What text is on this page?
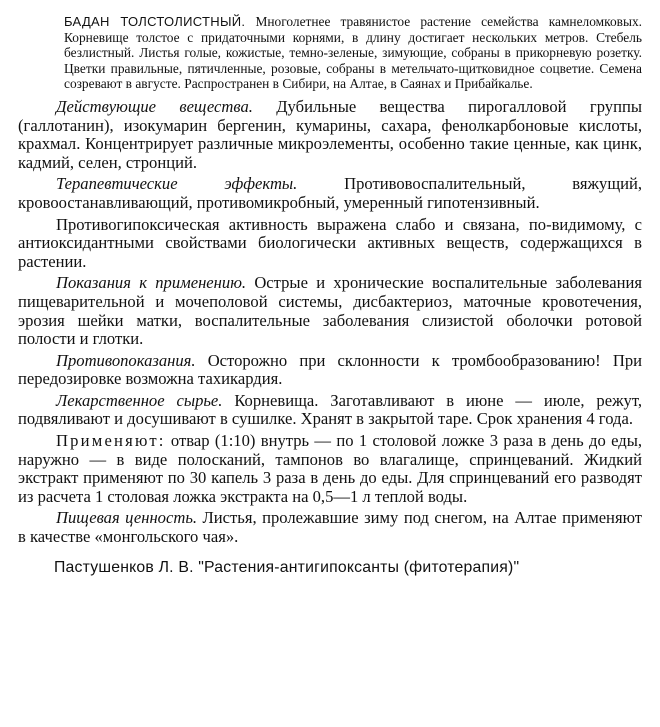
БАДАН ТОЛСТОЛИСТНЫЙ. Многолетнее травянистое растение семейства камнеломковых. Корневище толстое с придаточными корнями, в длину достигает нескольких метров. Стебель безлистный. Листья голые, кожистые, темно-зеленые, зимующие, собраны в прикорневую розетку. Цветки правильные, пятичленные, розовые, собраны в метельчато-щитковидное соцветие. Семена созревают в августе. Распространен в Сибири, на Алтае, в Саянах и Прибайкалье.

Действующие вещества. Дубильные вещества пирогалловой группы (галлотанин), изокумарин бергенин, кумарины, сахара, фенолкарбоновые кислоты, крахмал. Концентрирует различные микроэлементы, особенно такие ценные, как цинк, кадмий, селен, стронций.

Терапевтические эффекты. Противовоспалительный, вяжущий, кровоостанавливающий, противомикробный, умеренный гипотензивный.

Противогипоксическая активность выражена слабо и связана, по-видимому, с антиоксидантными свойствами биологически активных веществ, содержащихся в растении.

Показания к применению. Острые и хронические воспалительные заболевания пищеварительной и мочеполовой системы, дисбактериоз, маточные кровотечения, эрозия шейки матки, воспалительные заболевания слизистой оболочки ротовой полости и глотки.

Противопоказания. Осторожно при склонности к тромбообразованию! При передозировке возможна тахикардия.

Лекарственное сырье. Корневища. Заготавливают в июне — июле, режут, подвяливают и досушивают в сушилке. Хранят в закрытой таре. Срок хранения 4 года.

Применяют: отвар (1:10) внутрь — по 1 столовой ложке 3 раза в день до еды, наружно — в виде полосканий, тампонов во влагалище, спринцеваний. Жидкий экстракт применяют по 30 капель 3 раза в день до еды. Для спринцеваний его разводят из расчета 1 столовая ложка экстракта на 0,5—1 л теплой воды.

Пищевая ценность. Листья, пролежавшие зиму под снегом, на Алтае применяют в качестве «монгольского чая».

Пастушенков Л. В. "Растения-антигипоксанты (фитотерапия)"
